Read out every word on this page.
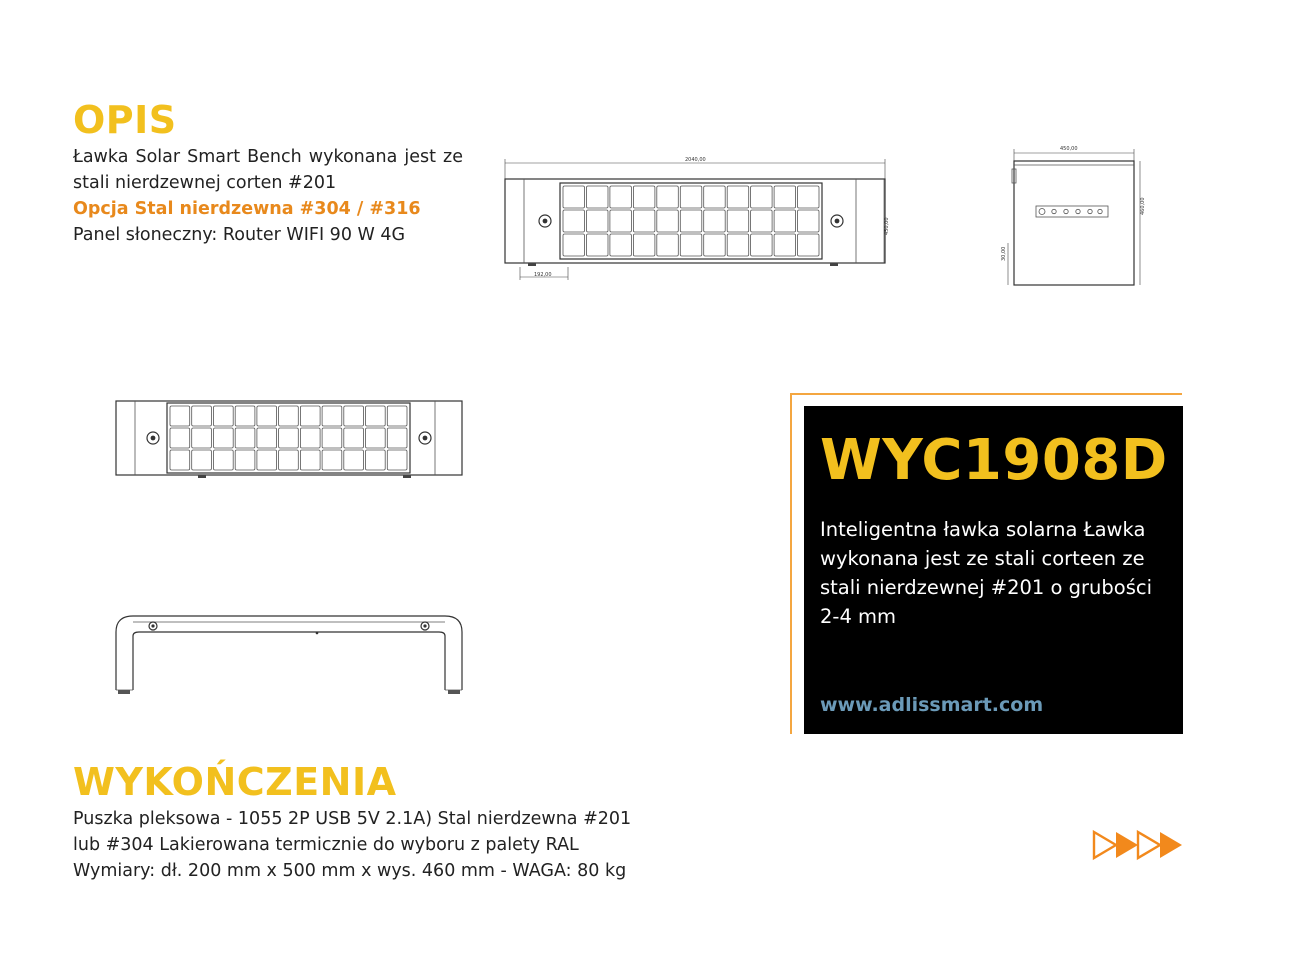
OPIS
Ławka Solar Smart Bench wykonana jest ze
stali nierdzewnej corten #201
Opcja Stal nierdzewna #304 / #316
Panel słoneczny: Router WIFI 90 W 4G
2040,00
450,00
192,00
450,00
460,00
30,00
WYKOŃCZENIA
Puszka pleksowa - 1055 2P USB 5V 2.1A) Stal nierdzewna #201
lub #304 Lakierowana termicznie do wyboru z palety RAL
Wymiary: dł. 200 mm x 500 mm x wys. 460 mm - WAGA: 80 kg
WYC1908D
Inteligentna ławka solarna Ławka wykonana jest ze stali corteen ze stali nierdzewnej #201 o grubości 2-4 mm
www.adlissmart.com
